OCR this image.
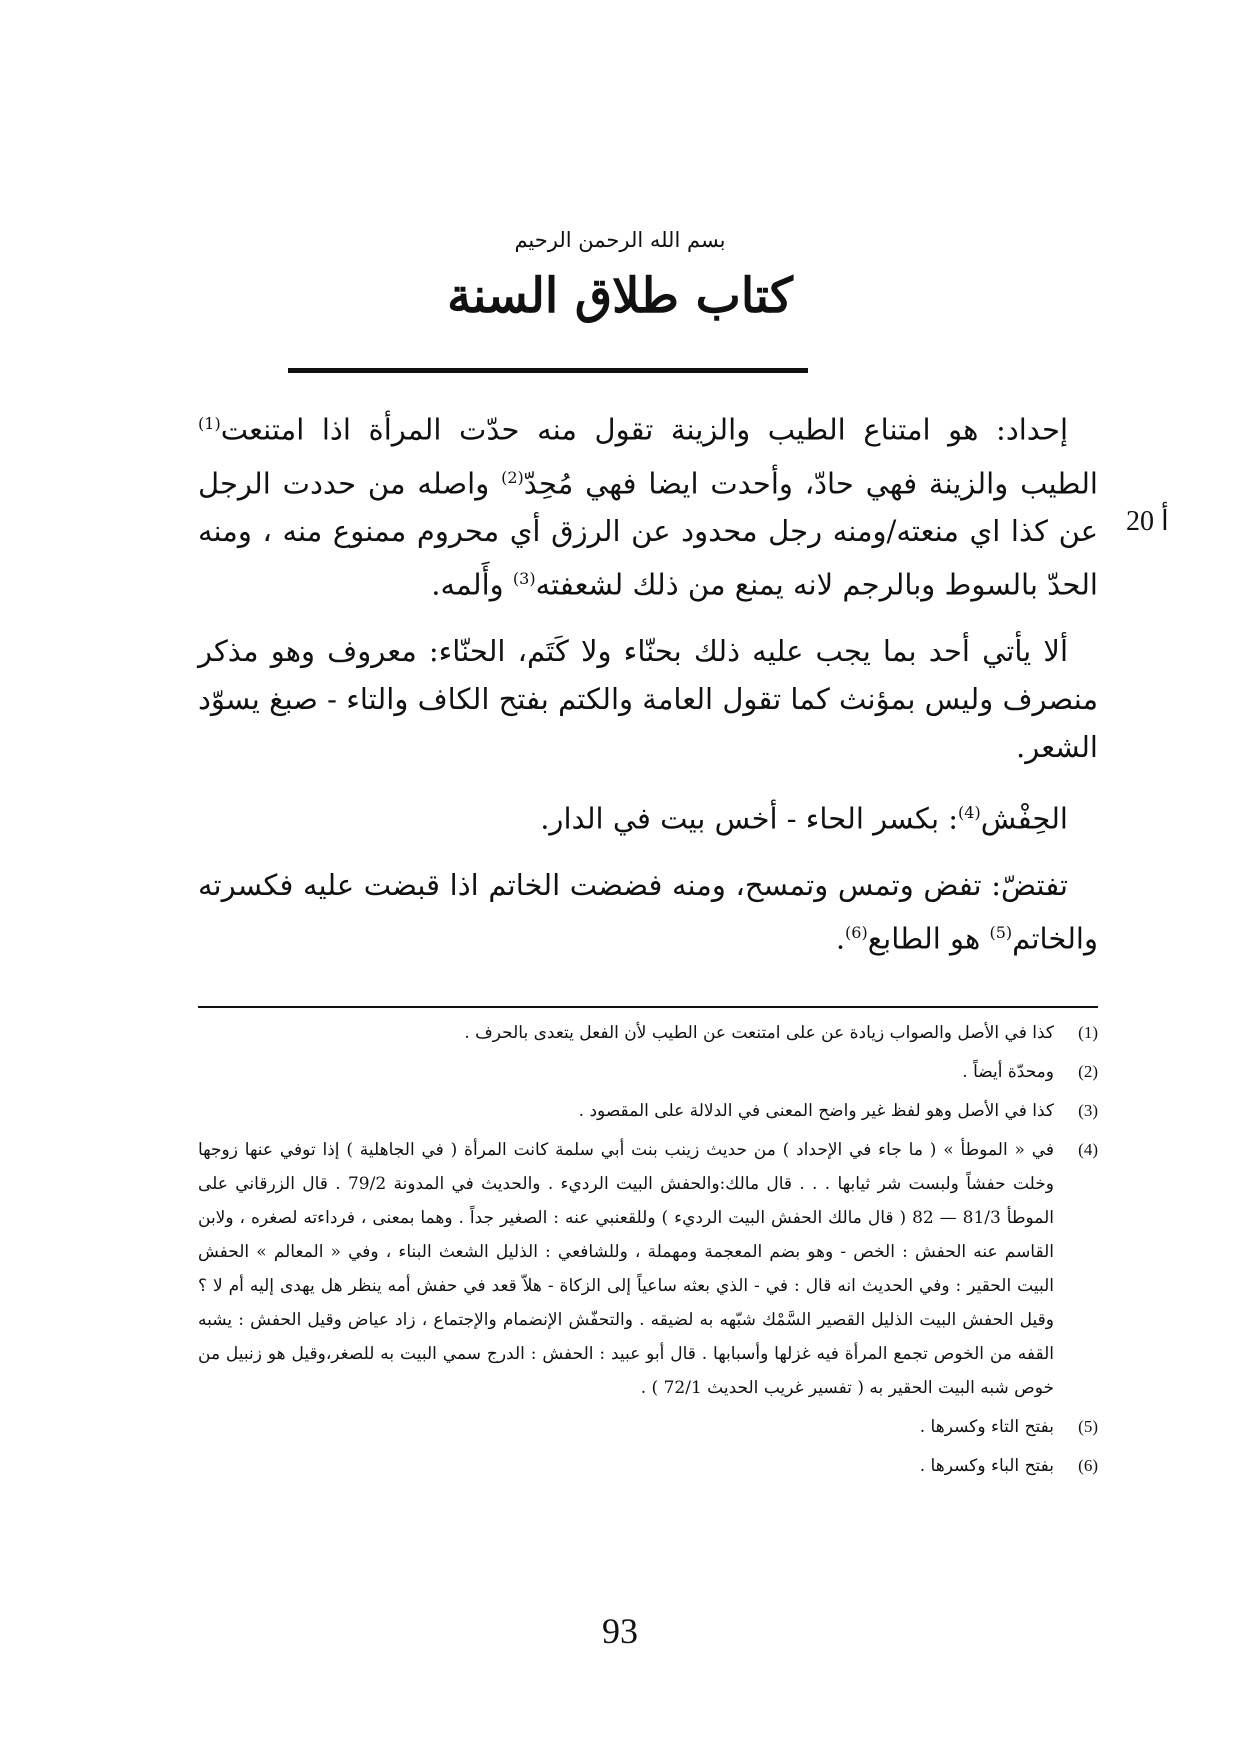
بسم الله الرحمن الرحيم
كتاب طلاق السنة
20 أ

إحداد: هو امتناع الطيب والزينة تقول منه حدّت المرأة اذا امتنعت$^{(1)}$ الطيب والزينة فهي حادّ، وأحدت ايضا فهي مُحِدّ$^{(2)}$ واصله من حددت الرجل عن كذا اي منعته/ومنه رجل محدود عن الرزق أي محروم ممنوع منه ، ومنه الحدّ بالسوط وبالرجم لانه يمنع من ذلك لشعفته$^{(3)}$ وأَلمه.

ألا يأتي أحد بما يجب عليه ذلك بحنّاء ولا كَتَم، الحنّاء: معروف وهو مذكر منصرف وليس بمؤنث كما تقول العامة والكتم بفتح الكاف والتاء - صبغ يسوّد الشعر.

الحِفْش$^{(4)}$: بكسر الحاء - أخس بيت في الدار.

تفتضّ: تفض وتمس وتمسح، ومنه فضضت الخاتم اذا قبضت عليه فكسرته والخاتم$^{(5)}$ هو الطابع$^{(6)}$.

(1)
كذا في الأصل والصواب زيادة عن على امتنعت عن الطيب لأن الفعل يتعدى بالحرف .
(2)
ومحدّة أيضاً .
(3)
كذا في الأصل وهو لفظ غير واضح المعنى في الدلالة على المقصود .
(4)
في « الموطأ » ( ما جاء في الإحداد ) من حديث زينب بنت أبي سلمة كانت المرأة ( في الجاهلية ) إذا توفي عنها زوجها وخلت حفشاً ولبست شر ثيابها . . . قال مالك:والحفش البيت الرديء . والحديث في المدونة 79/2 . قال الزرقاني على الموطأ 81/3 — 82 ( قال مالك الحفش البيت الرديء ) وللقعنبي عنه : الصغير جداً . وهما بمعنى ، فرداءته لصغره ، ولابن القاسم عنه الحفش : الخص - وهو بضم المعجمة ومهملة ، وللشافعي : الذليل الشعث البناء ، وفي « المعالم » الحفش البيت الحقير : وفي الحديث انه قال : في - الذي بعثه ساعياً إلى الزكاة - هلاّ قعد في حفش أمه ينظر هل يهدى إليه أم لا ؟ وقيل الحفش البيت الذليل القصير السَّمْك شبّهه به لضيقه . والتحفّش الإنضمام والإجتماع ، زاد عياض وقيل الحفش : يشبه القفه من الخوص تجمع المرأة فيه غزلها وأسبابها . قال أبو عبيد : الحفش : الدرج سمي البيت به للصغر،وقيل هو زنبيل من خوص شبه البيت الحقير به ( تفسير غريب الحديث 72/1 ) .
(5)
بفتح التاء وكسرها .
(6)
بفتح الباء وكسرها .
93
